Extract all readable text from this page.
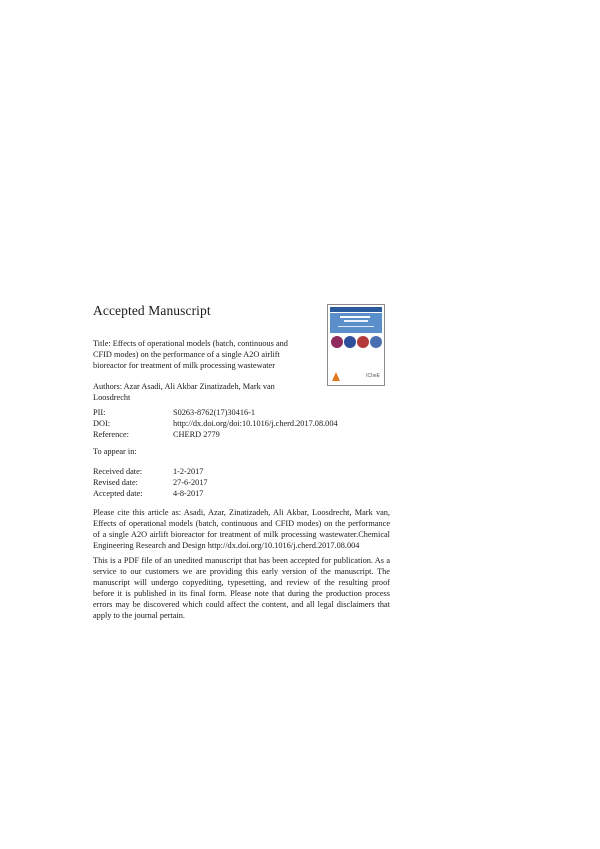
Accepted Manuscript
ICheE
Title: Effects of operational models (batch, continuous and CFID modes) on the performance of a single A2O airlift bioreactor for treatment of milk processing wastewater
Authors: Azar Asadi, Ali Akbar Zinatizadeh, Mark van Loosdrecht
PII:	S0263-8762(17)30416-1
DOI:	http://dx.doi.org/doi:10.1016/j.cherd.2017.08.004
Reference:	CHERD 2779
To appear in:
Received date:	1-2-2017
Revised date:	27-6-2017
Accepted date:	4-8-2017
Please cite this article as: Asadi, Azar, Zinatizadeh, Ali Akbar, Loosdrecht, Mark van, Effects of operational models (batch, continuous and CFID modes) on the performance of a single A2O airlift bioreactor for treatment of milk processing wastewater.Chemical Engineering Research and Design http://dx.doi.org/10.1016/j.cherd.2017.08.004
This is a PDF file of an unedited manuscript that has been accepted for publication. As a service to our customers we are providing this early version of the manuscript. The manuscript will undergo copyediting, typesetting, and review of the resulting proof before it is published in its final form. Please note that during the production process errors may be discovered which could affect the content, and all legal disclaimers that apply to the journal pertain.
